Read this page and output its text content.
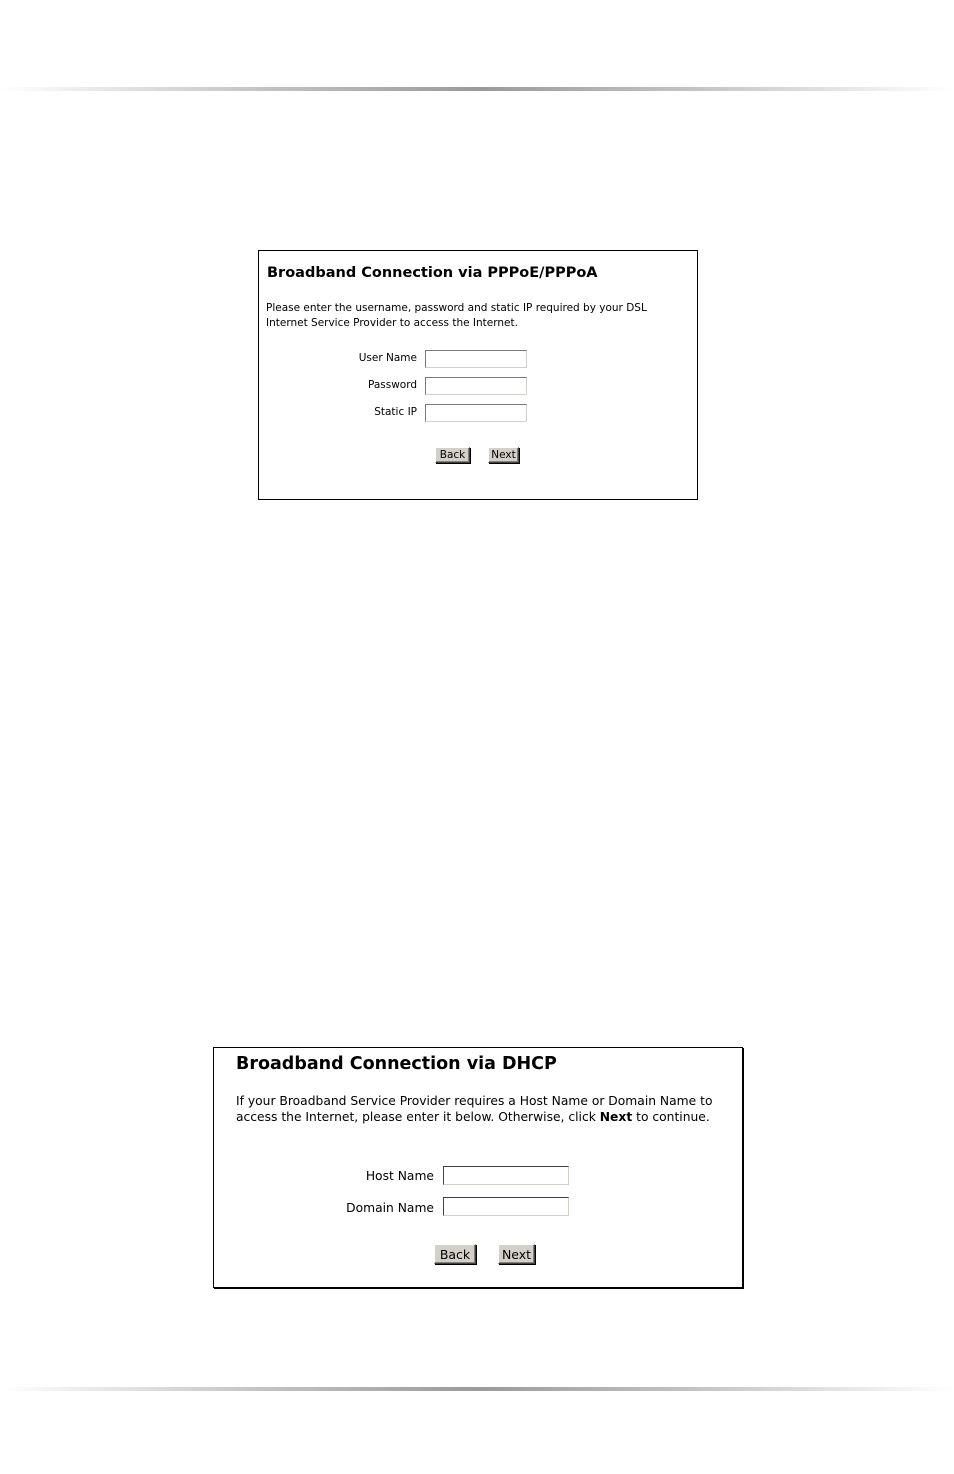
Broadband Connection via PPPoE/PPPoA
Please enter the username, password and static IP required by your DSL Internet Service Provider to access the Internet.
User Name
Password
Static IP
Back	Next
Broadband Connection via DHCP
If your Broadband Service Provider requires a Host Name or Domain Name to access the Internet, please enter it below. Otherwise, click Next to continue.
Host Name
Domain Name
Back	Next
